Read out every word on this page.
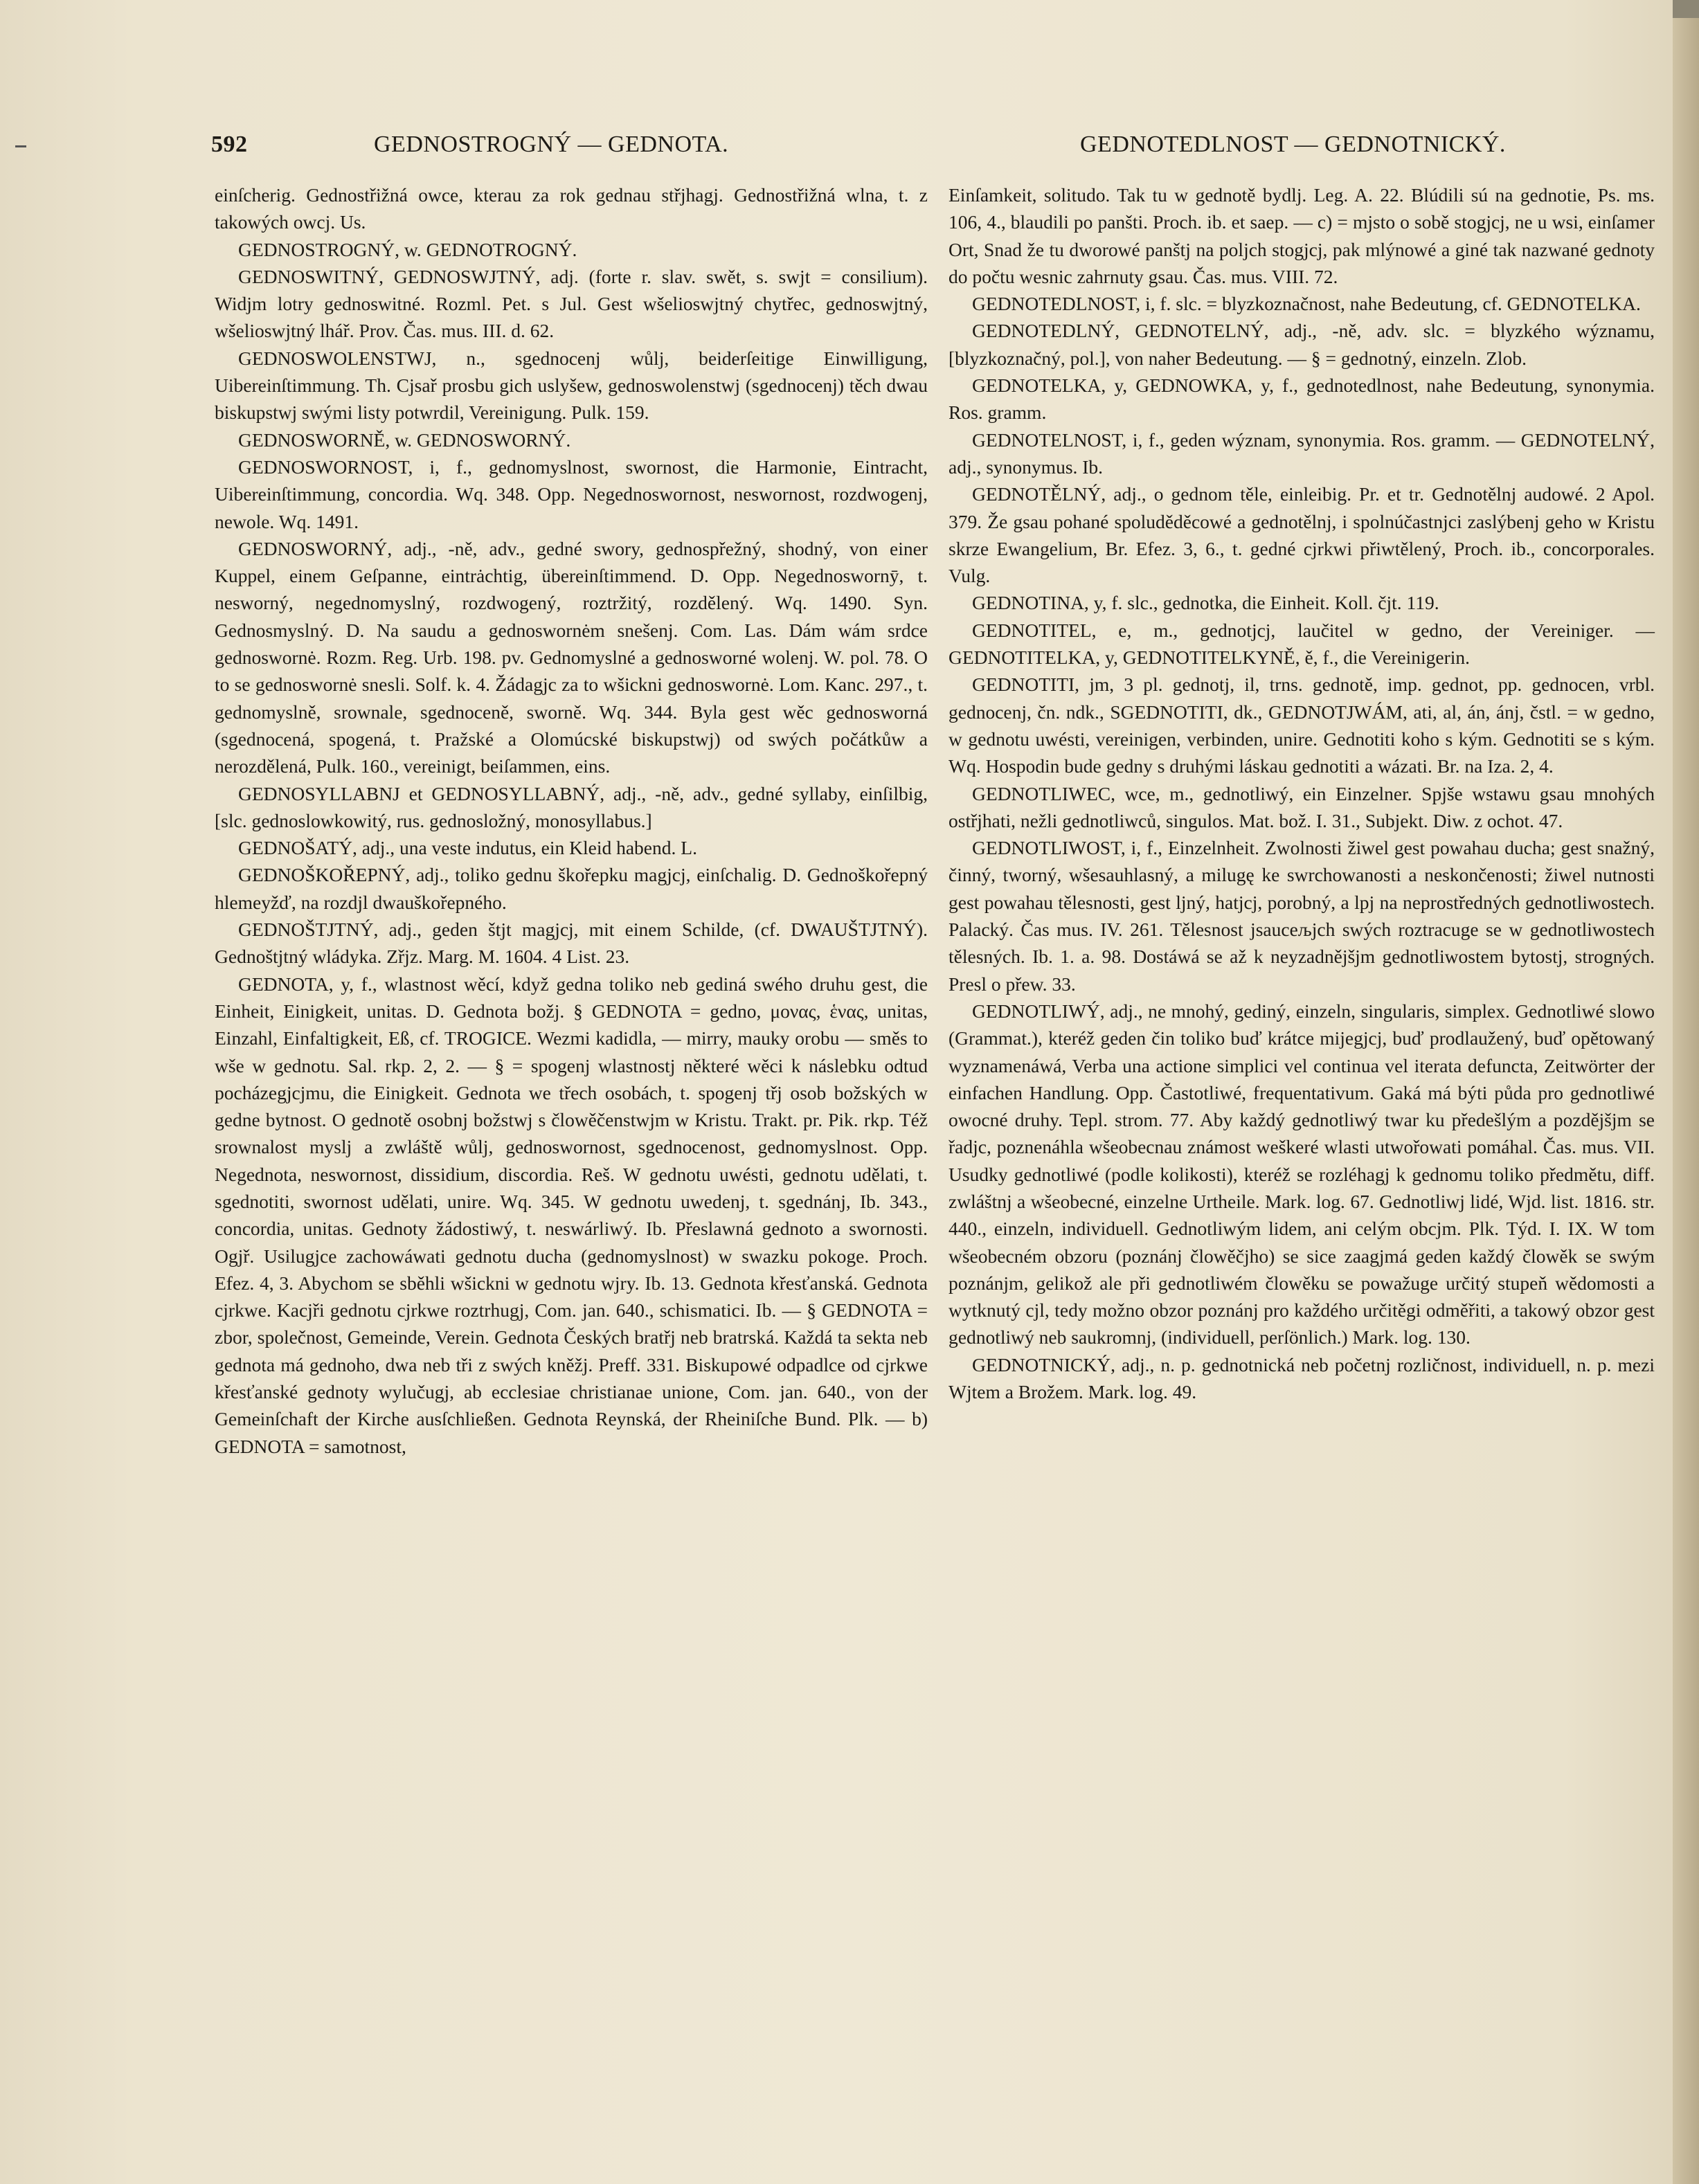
592	GEDNOSTROGNÝ — GEDNOTA.	GEDNOTEDLNOST — GEDNOTNICKÝ.

einſcherig. Gednostřižná owce, kterau za rok gednau střjhagj. Gednostřižná wlna, t. z takowých owcj. Us.

GEDNOSTROGNÝ, w. GEDNOTROGNÝ.

GEDNOSWITNÝ, GEDNOSWJTNÝ, adj. (forte r. slav. swět, s. swjt = consilium). Widjm lotry gednoswitné. Rozml. Pet. s Jul. Gest wšelioswjtný chytřec, gednoswjtný, wšelioswjtný lhář. Prov. Čas. mus. III. d. 62.

GEDNOSWOLENSTWJ, n., sgednocenj wůlj, beiderſeitige Einwilligung, Uibereinſtimmung. Th. Cjsař prosbu gich uslyšew, gednoswolenstwj (sgednocenj) těch dwau biskupstwj swými listy potwrdil, Vereinigung. Pulk. 159.

GEDNOSWORNĚ, w. GEDNOSWORNÝ.

GEDNOSWORNOST, i, f., gednomyslnost, swornost, die Harmonie, Eintracht, Uibereinſtimmung, concordia. Wq. 348. Opp. Negednoswornost, neswornost, rozdwogenj, newole. Wq. 1491.

GEDNOSWORNÝ, adj., -ně, adv., gedné swory, gednospřežný, shodný, von einer Kuppel, einem Geſpanne, eintrȧchtig, übereinſtimmend. D. Opp. Negednoswornȳ, t. nesworný, negednomyslný, rozdwogený, roztržitý, rozdělený. Wq. 1490. Syn. Gednosmyslný. D. Na saudu a gednoswornėm snešenj. Com. Las. Dám wám srdce gednoswornė. Rozm. Reg. Urb. 198. pv. Gednomyslné a gednosworné wolenj. W. pol. 78. O to se gednoswornė snesli. Solf. k. 4. Žádagjc za to wšickni gednoswornė. Lom. Kanc. 297., t. gednomyslně, srownale, sgednoceně, sworně. Wq. 344. Byla gest wěc gednosworná (sgednocená, spogená, t. Pražské a Olomúcské biskupstwj) od swých počátkůw a nerozdělená, Pulk. 160., vereinigt, beiſammen, eins.

GEDNOSYLLABNJ et GEDNOSYLLABNÝ, adj., -ně, adv., gedné syllaby, einſilbig, [slc. gednoslowkowitý, rus. gednosložný, monosyllabus.]

GEDNOŠATÝ, adj., una veste indutus, ein Kleid habend. L.

GEDNOŠKOŘEPNÝ, adj., toliko gednu škořepku magjcj, einſchalig. D. Gednoškořepný hlemeyžď, na rozdjl dwauškořepného.

GEDNOŠTJTNÝ, adj., geden štjt magjcj, mit einem Schilde, (cf. DWAUŠTJTNÝ). Gednoštjtný wládyka. Zřjz. Marg. M. 1604. 4 List. 23.

GEDNOTA, y, f., wlastnost wěcí, když gedna toliko neb gediná swého druhu gest, die Einheit, Einigkeit, unitas. D. Gednota božj. § GEDNOTA = gedno, μονας, ἑνας, unitas, Einzahl, Einfaltigkeit, Eß, cf. TROGICE. Wezmi kadidla, — mirry, mauky orobu — směs to wše w gednotu. Sal. rkp. 2, 2. — § = spogenj wlastnostj některé wěci k náslebku odtud pocházegjcjmu, die Einigkeit. Gednota we třech osobách, t. spogenj třj osob božských w gedne bytnost. O gednotě osobnj božstwj s člowěčenstwjm w Kristu. Trakt. pr. Pik. rkp. Též srownalost myslj a zwláště wůlj, gednoswornost, sgednocenost, gednomyslnost. Opp. Negednota, neswornost, dissidium, discordia. Reš. W gednotu uwésti, gednotu udělati, t. sgednotiti, swornost udělati, unire. Wq. 345. W gednotu uwedenj, t. sgednánj, Ib. 343., concordia, unitas. Gednoty žádostiwý, t. neswárliwý. Ib. Přeslawná gednoto a swornosti. Ogjř. Usilugjce zachowáwati gednotu ducha (gednomyslnost) w swazku pokoge. Proch. Efez. 4, 3. Abychom se sběhli wšickni w gednotu wjry. Ib. 13. Gednota křesťanská. Gednota cjrkwe. Kacjři gednotu cjrkwe roztrhugj, Com. jan. 640., schismatici. Ib. — § GEDNOTA = zbor, společnost, Gemeinde, Verein. Gednota Českých bratřj neb bratrská. Každá ta sekta neb gednota má gednoho, dwa neb tři z swých kněžj. Preff. 331. Biskupowé odpadlce od cjrkwe křesťanské gednoty wylučugj, ab ecclesiae christianae unione, Com. jan. 640., von der Gemeinſchaft der Kirche ausſchließen. Gednota Reynská, der Rheiniſche Bund. Plk. — b) GEDNOTA = samotnost,

Einſamkeit, solitudo. Tak tu w gednotě bydlj. Leg. A. 22. Blúdili sú na gednotie, Ps. ms. 106, 4., blaudili po panšti. Proch. ib. et saep. — c) = mjsto o sobě stogjcj, ne u wsi, einſamer Ort, Snad že tu dworowé panštj na poljch stogjcj, pak mlýnowé a giné tak nazwané gednoty do počtu wesnic zahrnuty gsau. Čas. mus. VIII. 72.

GEDNOTEDLNOST, i, f. slc. = blyzkoznačnost, nahe Bedeutung, cf. GEDNOTELKA.

GEDNOTEDLNÝ, GEDNOTELNÝ, adj., -ně, adv. slc. = blyzkého wýznamu, [blyzkoznačný, pol.], von naher Bedeutung. — § = gednotný, einzeln. Zlob.

GEDNOTELKA, y, GEDNOWKA, y, f., gednotedlnost, nahe Bedeutung, synonymia. Ros. gramm.

GEDNOTELNOST, i, f., geden wýznam, synonymia. Ros. gramm. — GEDNOTELNÝ, adj., synonymus. Ib.

GEDNOTĚLNÝ, adj., o gednom těle, einleibig. Pr. et tr. Gednotělnj audowé. 2 Apol. 379. Že gsau pohané spoluděděcowé a gednotělnj, i spolnúčastnjci zaslýbenj geho w Kristu skrze Ewangelium, Br. Efez. 3, 6., t. gedné cjrkwi přiwtělený, Proch. ib., concorporales. Vulg.

GEDNOTINA, y, f. slc., gednotka, die Einheit. Koll. čjt. 119.

GEDNOTITEL, e, m., gednotjcj, laučitel w gedno, der Vereiniger. — GEDNOTITELKA, y, GEDNOTITELKYNĚ, ě, f., die Vereinigerin.

GEDNOTITI, jm, 3 pl. gednotj, il, trns. gednotě, imp. gednot, pp. gednocen, vrbl. gednocenj, čn. ndk., SGEDNOTITI, dk., GEDNOTJWÁM, ati, al, án, ánj, čstl. = w gedno, w gednotu uwésti, vereinigen, verbinden, unire. Gednotiti koho s kým. Gednotiti se s kým. Wq. Hospodin bude gedny s druhými láskau gednotiti a wázati. Br. na Iza. 2, 4.

GEDNOTLIWEC, wce, m., gednotliwý, ein Einzelner. Spjše wstawu gsau mnohých ostřjhati, nežli gednotliwců, singulos. Mat. bož. I. 31., Subjekt. Diw. z ochot. 47.

GEDNOTLIWOST, i, f., Einzelnheit. Zwolnosti žiwel gest powahau ducha; gest snažný, činný, tworný, wšesauhlasný, a milugę ke swrchowanosti a neskončenosti; žiwel nutnosti gest powahau tělesnosti, gest lјný, hatjcj, porobný, a lpj na neprostředných gednotliwostech. Palacký. Čas mus. IV. 261. Tělesnost jsaucељjch swých roztracuge se w gednotliwostech tělesných. Ib. 1. a. 98. Dostáwá se až k neyzadnějšjm gednotliwostem bytostj, strogných. Presl o přew. 33.

GEDNOTLIWÝ, adj., ne mnohý, gediný, einzeln, singularis, simplex. Gednotliwé slowo (Grammat.), kteréž geden čin toliko buď krátce mijegjcj, buď prodlaužený, buď opětowaný wyznamenáwá, Verba una actione simplici vel continua vel iterata defuncta, Zeitwörter der einfachen Handlung. Opp. Častotliwé, frequentativum. Gaká má býti půda pro gednotliwé owocné druhy. Tepl. strom. 77. Aby každý gednotliwý twar ku předešlým a pozdějšjm se řadjc, poznenáhla wšeobecnau známost weškeré wlasti utwořowati pomáhal. Čas. mus. VII. Usudky gednotliwé (podle kolikosti), kteréž se rozléhagj k gednomu toliko předmětu, diff. zwláštnj a wšeobecné, einzelne Urtheile. Mark. log. 67. Gednotliwj lidé, Wjd. list. 1816. str. 440., einzeln, individuell. Gednotliwým lidem, ani celým obcjm. Plk. Týd. I. IX. W tom wšeobecném obzoru (poznánj člowěčjho) se sice zaagjmá geden každý člowěk se swým poznánjm, gelikož ale při gednotliwém člowěku se powažuge určitý stupeň wědomosti a wytknutý cjl, tedy možno obzor poznánj pro každého určitěgi odměřiti, a takowý obzor gest gednotliwý neb saukromnj, (individuell, perſönlich.) Mark. log. 130.

GEDNOTNICKÝ, adj., n. p. gednotnická neb početnj rozličnost, individuell, n. p. mezi Wjtem a Brožem. Mark. log. 49.
